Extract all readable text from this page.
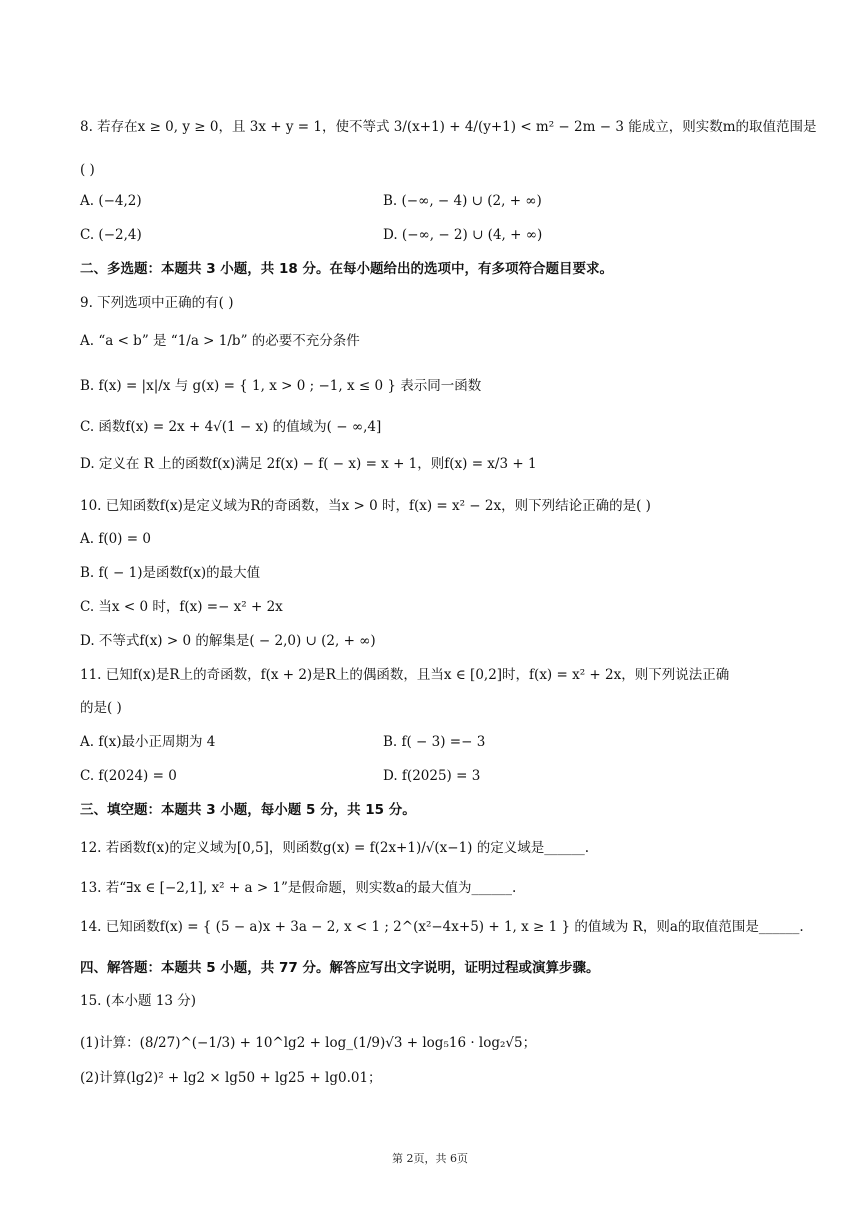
8. 若存在x ≥ 0, y ≥ 0，且 3x + y = 1，使不等式 3/(x+1) + 4/(y+1) < m² − 2m − 3 能成立，则实数m的取值范围是
( )
A. (−4,2)	B. (−∞, − 4) ∪ (2, + ∞)
C. (−2,4)	D. (−∞, − 2) ∪ (4, + ∞)
二、多选题：本题共 3 小题，共 18 分。在每小题给出的选项中，有多项符合题目要求。
9. 下列选项中正确的有( )
A. “a < b” 是 “1/a > 1/b” 的必要不充分条件
B. f(x) = |x|/x 与 g(x) = { 1, x > 0 ; −1, x ≤ 0 } 表示同一函数
C. 函数f(x) = 2x + 4√(1 − x) 的值域为( − ∞,4]
D. 定义在 R 上的函数f(x)满足 2f(x) − f( − x) = x + 1，则f(x) = x/3 + 1
10. 已知函数f(x)是定义域为R的奇函数，当x > 0 时，f(x) = x² − 2x，则下列结论正确的是( )
A. f(0) = 0
B. f( − 1)是函数f(x)的最大值
C. 当x < 0 时，f(x) =− x² + 2x
D. 不等式f(x) > 0 的解集是( − 2,0) ∪ (2, + ∞)
11. 已知f(x)是R上的奇函数，f(x + 2)是R上的偶函数，且当x ∈ [0,2]时，f(x) = x² + 2x，则下列说法正确
的是( )
A. f(x)最小正周期为 4	B. f( − 3) =− 3
C. f(2024) = 0	D. f(2025) = 3
三、填空题：本题共 3 小题，每小题 5 分，共 15 分。
12. 若函数f(x)的定义域为[0,5]，则函数g(x) = f(2x+1)/√(x−1) 的定义域是______.
13. 若“∃x ∈ [−2,1], x² + a > 1”是假命题，则实数a的最大值为______.
14. 已知函数f(x) = { (5 − a)x + 3a − 2, x < 1 ; 2^(x²−4x+5) + 1, x ≥ 1 } 的值域为 R，则a的取值范围是______.
四、解答题：本题共 5 小题，共 77 分。解答应写出文字说明，证明过程或演算步骤。
15. (本小题 13 分)
(1)计算：(8/27)^(−1/3) + 10^lg2 + log_(1/9)√3 + log₅16 · log₂√5；
(2)计算(lg2)² + lg2 × lg50 + lg25 + lg0.01；
第 2页，共 6页
